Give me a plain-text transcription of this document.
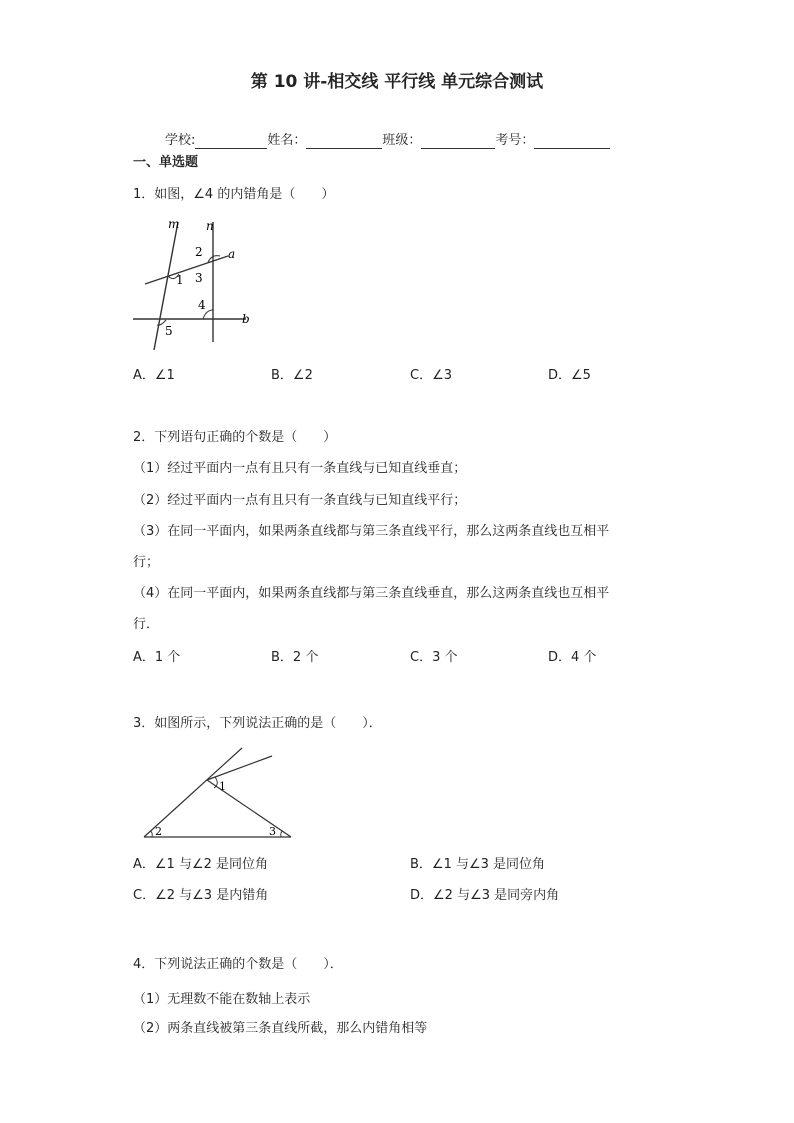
第 10 讲-相交线 平行线 单元综合测试
学校:	姓名：	班级：	考号：
一、单选题
1．如图，∠4 的内错角是（　　）
m n
a
b
1
2
3
4
5
A．∠1	B．∠2	C．∠3	D．∠5
2．下列语句正确的个数是（　　）
（1）经过平面内一点有且只有一条直线与已知直线垂直；
（2）经过平面内一点有且只有一条直线与已知直线平行；
（3）在同一平面内，如果两条直线都与第三条直线平行，那么这两条直线也互相平
行；
（4）在同一平面内，如果两条直线都与第三条直线垂直，那么这两条直线也互相平
行．
A．1 个	B．2 个	C．3 个	D．4 个
3．如图所示，下列说法正确的是（　　）．
1
2	3
A．∠1 与∠2 是同位角	B．∠1 与∠3 是同位角
C．∠2 与∠3 是内错角	D．∠2 与∠3 是同旁内角
4．下列说法正确的个数是（　　）．
（1）无理数不能在数轴上表示
（2）两条直线被第三条直线所截，那么内错角相等
